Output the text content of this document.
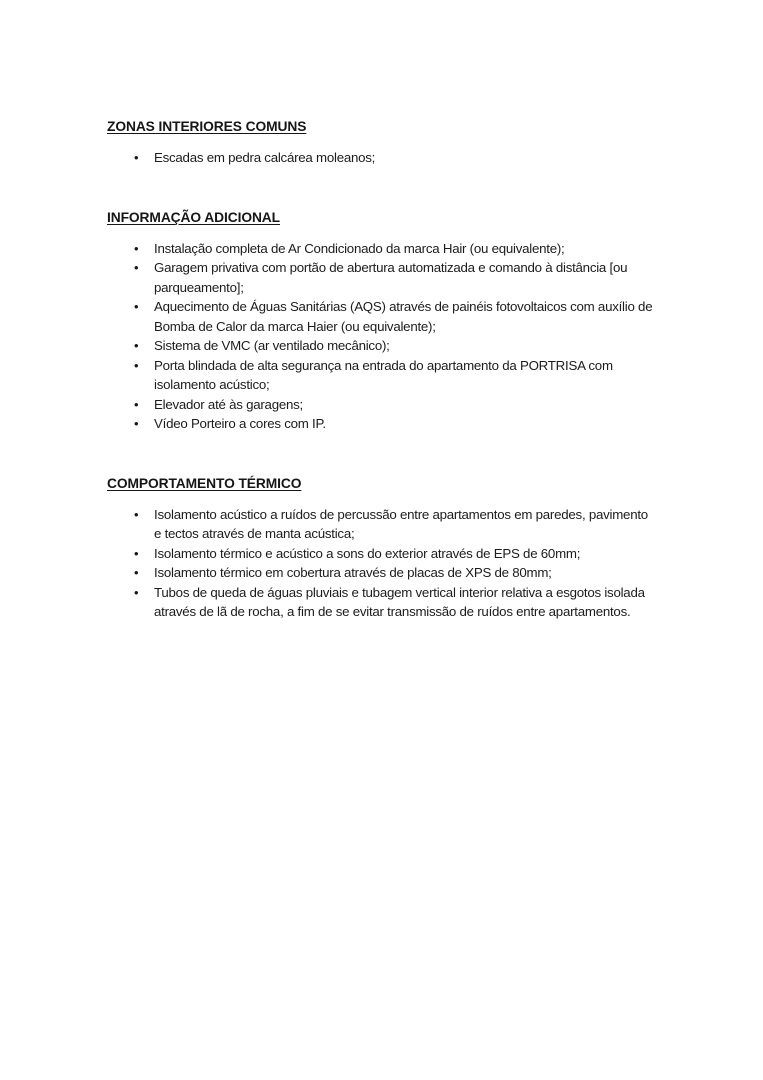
ZONAS INTERIORES COMUNS
• Escadas em pedra calcárea moleanos;
INFORMAÇÃO ADICIONAL
• Instalação completa de Ar Condicionado da marca Hair (ou equivalente);
• Garagem privativa com portão de abertura automatizada e comando à distância [ou parqueamento];
• Aquecimento de Águas Sanitárias (AQS) através de painéis fotovoltaicos com auxílio de Bomba de Calor da marca Haier (ou equivalente);
• Sistema de VMC (ar ventilado mecânico);
• Porta blindada de alta segurança na entrada do apartamento da PORTRISA com isolamento acústico;
• Elevador até às garagens;
• Vídeo Porteiro a cores com IP.
COMPORTAMENTO TÉRMICO
• Isolamento acústico a ruídos de percussão entre apartamentos em paredes, pavimento e tectos através de manta acústica;
• Isolamento térmico e acústico a sons do exterior através de EPS de 60mm;
• Isolamento térmico em cobertura através de placas de XPS de 80mm;
• Tubos de queda de águas pluviais e tubagem vertical interior relativa a esgotos isolada através de lã de rocha, a fim de se evitar transmissão de ruídos entre apartamentos.
